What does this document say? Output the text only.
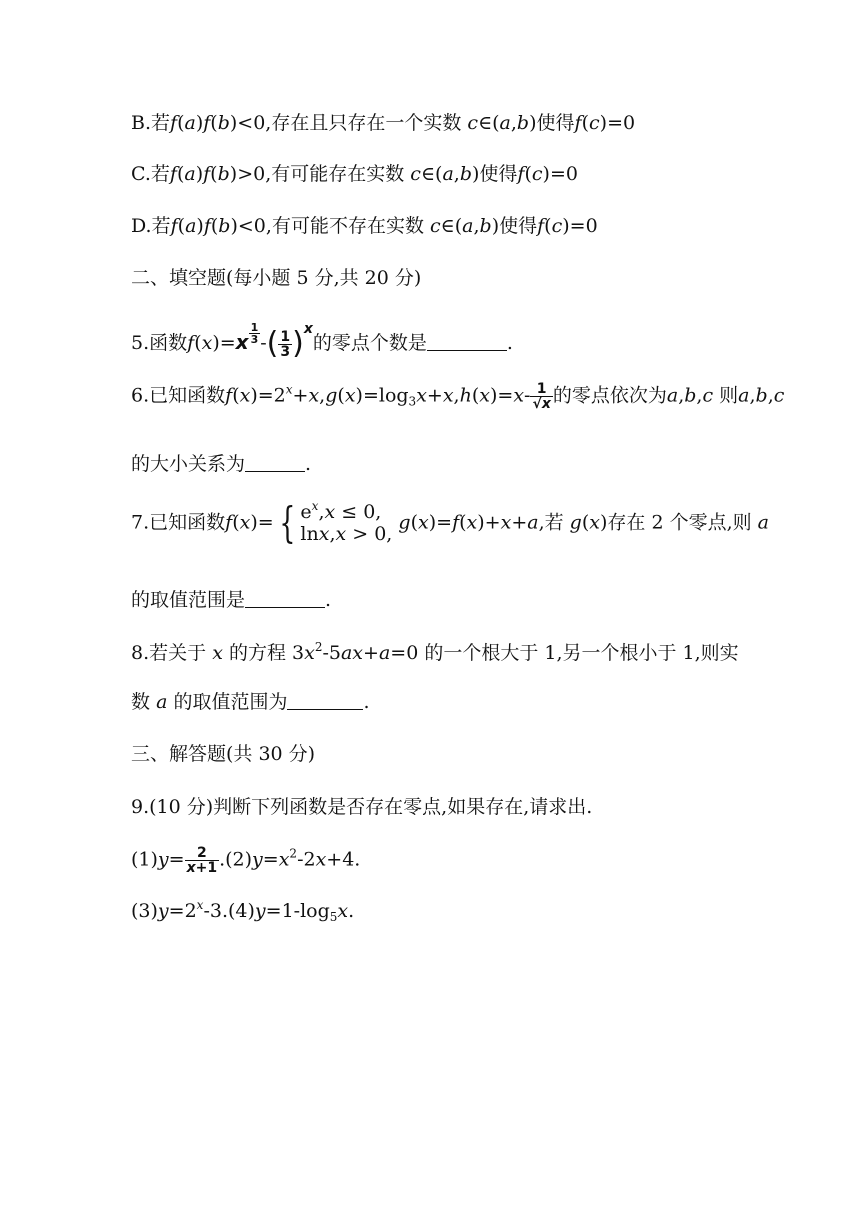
B.若f(a)f(b)<0,存在且只存在一个实数 c∈(a,b)使得f(c)=0
C.若f(a)f(b)>0,有可能存在实数 c∈(a,b)使得f(c)=0
D.若f(a)f(b)<0,有可能不存在实数 c∈(a,b)使得f(c)=0
二、填空题(每小题 5 分,共 20 分)
5.函数$f(x)=x \frac{1}{3}$ -( $\frac{1}{3} )^x$的零点个数是	.
6.已知函数$f(x)=2^x+x,g(x)=\log_3x+x,h(x)=x- \frac{1}{√x}$ 的零点依次为a,b,c 则a,b,c
的大小关系为	.
7.已知函数f(x)= { $e^x,x \le 0$,
lnx,x > 0,
g(x)=f(x)+x+a,若 g(x)存在 2 个零点,则 a
的取值范围是	.
8.若关于 x 的方程 $3x^2-5ax+a=0$ 的一个根大于 1,另一个根小于 1,则实
数 a 的取值范围为	.
三、解答题(共 30 分)
9.(10 分)判断下列函数是否存在零点,如果存在,请求出.
$(1)y= \frac{2}{x+1} .(2)y=x^2-2x+4$.
$(3)y=2^x-3.(4)y=1-\log_5x$.
